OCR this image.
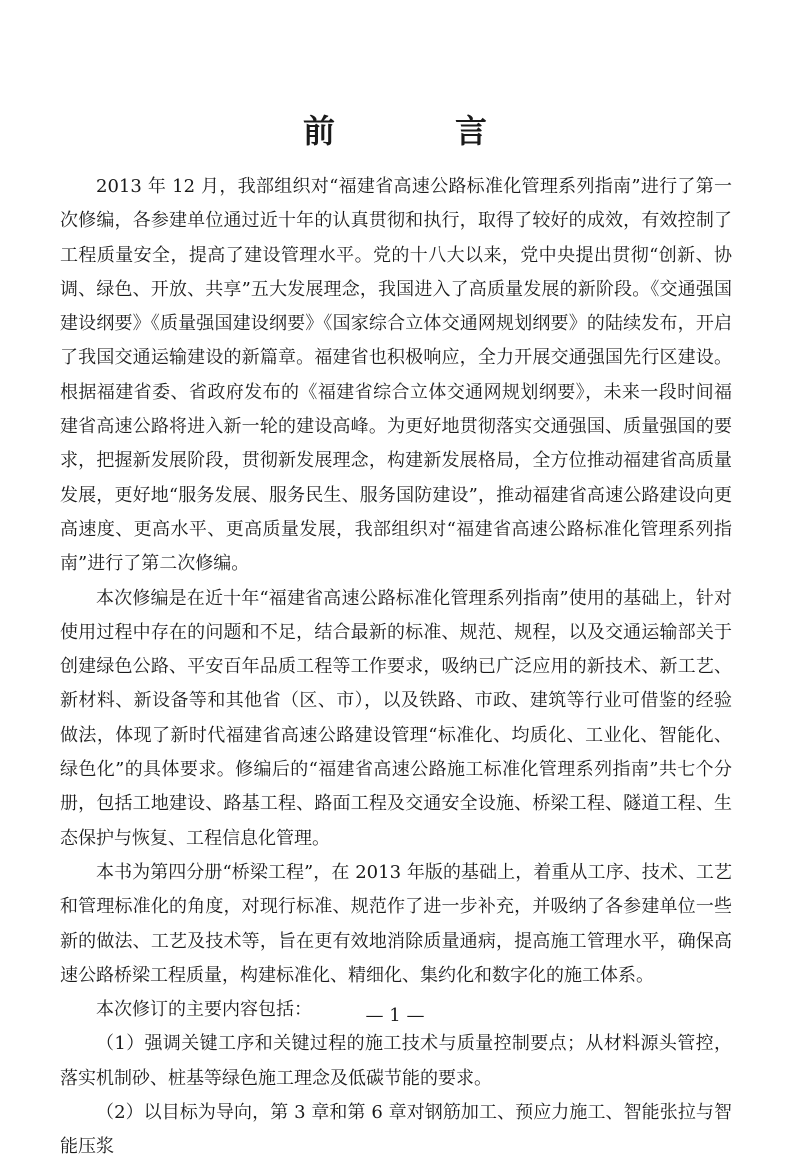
前　言

2013 年 12 月，我部组织对“福建省高速公路标准化管理系列指南”进行了第一次修编，各参建单位通过近十年的认真贯彻和执行，取得了较好的成效，有效控制了工程质量安全，提高了建设管理水平。党的十八大以来，党中央提出贯彻“创新、协调、绿色、开放、共享”五大发展理念，我国进入了高质量发展的新阶段。《交通强国建设纲要》《质量强国建设纲要》《国家综合立体交通网规划纲要》的陆续发布，开启了我国交通运输建设的新篇章。福建省也积极响应，全力开展交通强国先行区建设。根据福建省委、省政府发布的《福建省综合立体交通网规划纲要》，未来一段时间福建省高速公路将进入新一轮的建设高峰。为更好地贯彻落实交通强国、质量强国的要求，把握新发展阶段，贯彻新发展理念，构建新发展格局，全方位推动福建省高质量发展，更好地“服务发展、服务民生、服务国防建设”，推动福建省高速公路建设向更高速度、更高水平、更高质量发展，我部组织对“福建省高速公路标准化管理系列指南”进行了第二次修编。

本次修编是在近十年“福建省高速公路标准化管理系列指南”使用的基础上，针对使用过程中存在的问题和不足，结合最新的标准、规范、规程，以及交通运输部关于创建绿色公路、平安百年品质工程等工作要求，吸纳已广泛应用的新技术、新工艺、新材料、新设备等和其他省（区、市），以及铁路、市政、建筑等行业可借鉴的经验做法，体现了新时代福建省高速公路建设管理“标准化、均质化、工业化、智能化、绿色化”的具体要求。修编后的“福建省高速公路施工标准化管理系列指南”共七个分册，包括工地建设、路基工程、路面工程及交通安全设施、桥梁工程、隧道工程、生态保护与恢复、工程信息化管理。

本书为第四分册“桥梁工程”，在 2013 年版的基础上，着重从工序、技术、工艺和管理标准化的角度，对现行标准、规范作了进一步补充，并吸纳了各参建单位一些新的做法、工艺及技术等，旨在更有效地消除质量通病，提高施工管理水平，确保高速公路桥梁工程质量，构建标准化、精细化、集约化和数字化的施工体系。

本次修订的主要内容包括：

（1）强调关键工序和关键过程的施工技术与质量控制要点；从材料源头管控，落实机制砂、桩基等绿色施工理念及低碳节能的要求。

（2）以目标为导向，第 3 章和第 6 章对钢筋加工、预应力施工、智能张拉与智能压浆

— 1 —
